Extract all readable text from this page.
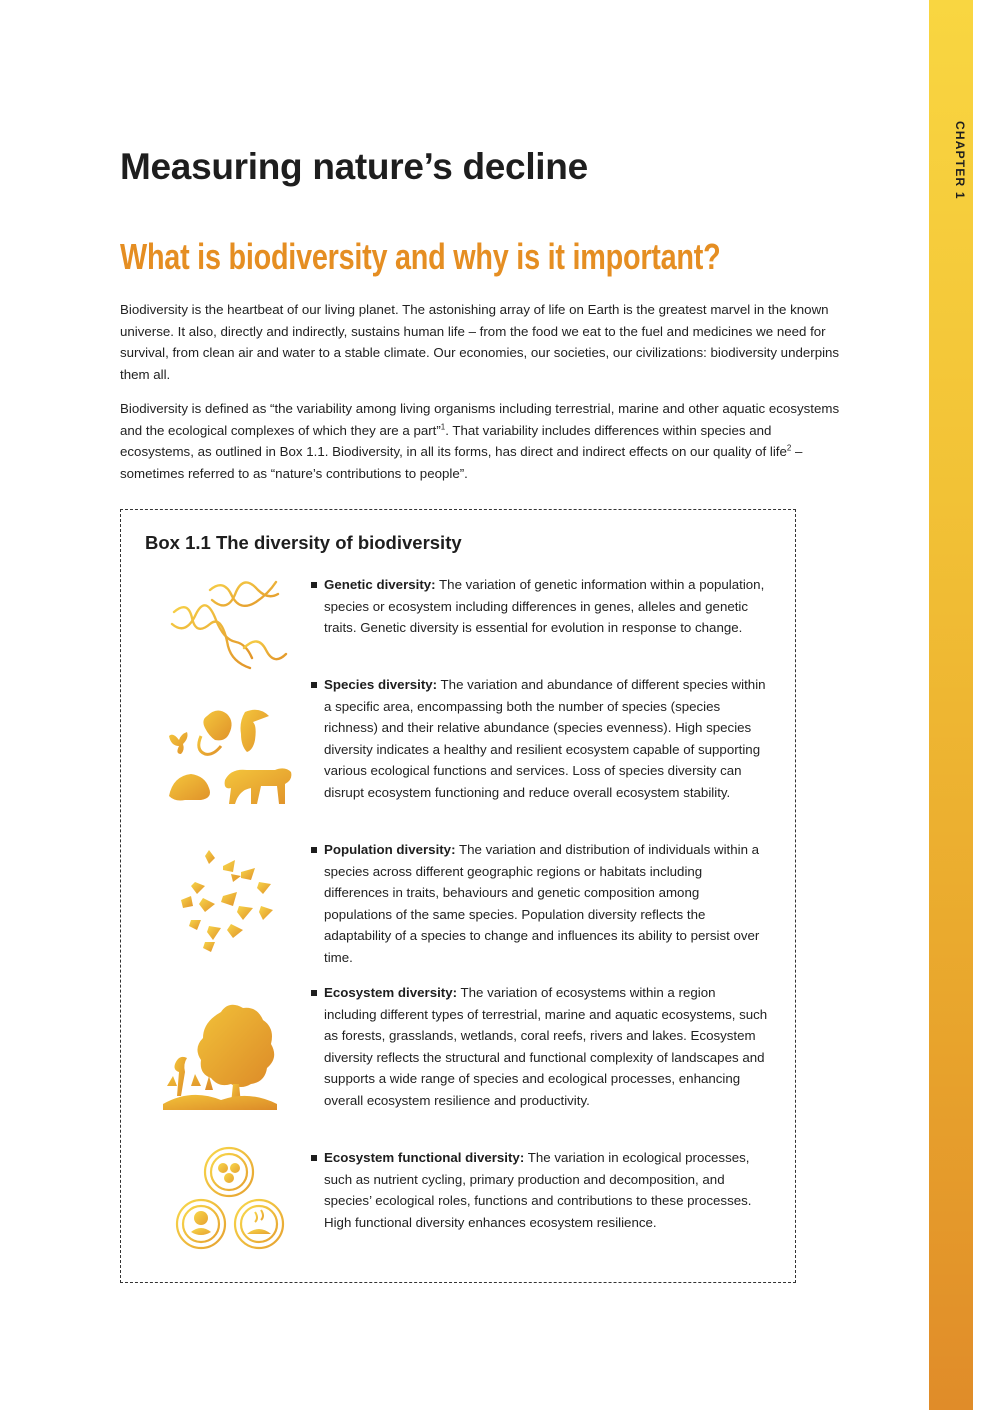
CHAPTER 1
Measuring nature’s decline
What is biodiversity and why is it important?

Biodiversity is the heartbeat of our living planet. The astonishing array of life on Earth is the greatest marvel in the known universe. It also, directly and indirectly, sustains human life – from the food we eat to the fuel and medicines we need for survival, from clean air and water to a stable climate. Our economies, our societies, our civilizations: biodiversity underpins them all.

Biodiversity is defined as “the variability among living organisms including terrestrial, marine and other aquatic ecosystems and the ecological complexes of which they are a part”$^1$. That variability includes differences within species and ecosystems, as outlined in Box 1.1. Biodiversity, in all its forms, has direct and indirect effects on our quality of life$^2$ – sometimes referred to as “nature’s contributions to people”.

Box 1.1 The diversity of biodiversity

Genetic diversity: The variation of genetic information within a population, species or ecosystem including differences in genes, alleles and genetic traits. Genetic diversity is essential for evolution in response to change.

Species diversity: The variation and abundance of different species within a specific area, encompassing both the number of species (species richness) and their relative abundance (species evenness). High species diversity indicates a healthy and resilient ecosystem capable of supporting various ecological functions and services. Loss of species diversity can disrupt ecosystem functioning and reduce overall ecosystem stability.

Population diversity: The variation and distribution of individuals within a species across different geographic regions or habitats including differences in traits, behaviours and genetic composition among populations of the same species. Population diversity reflects the adaptability of a species to change and influences its ability to persist over time.

Ecosystem diversity: The variation of ecosystems within a region including different types of terrestrial, marine and aquatic ecosystems, such as forests, grasslands, wetlands, coral reefs, rivers and lakes. Ecosystem diversity reflects the structural and functional complexity of landscapes and supports a wide range of species and ecological processes, enhancing overall ecosystem resilience and productivity.

Ecosystem functional diversity: The variation in ecological processes, such as nutrient cycling, primary production and decomposition, and species’ ecological roles, functions and contributions to these processes. High functional diversity enhances ecosystem resilience.
